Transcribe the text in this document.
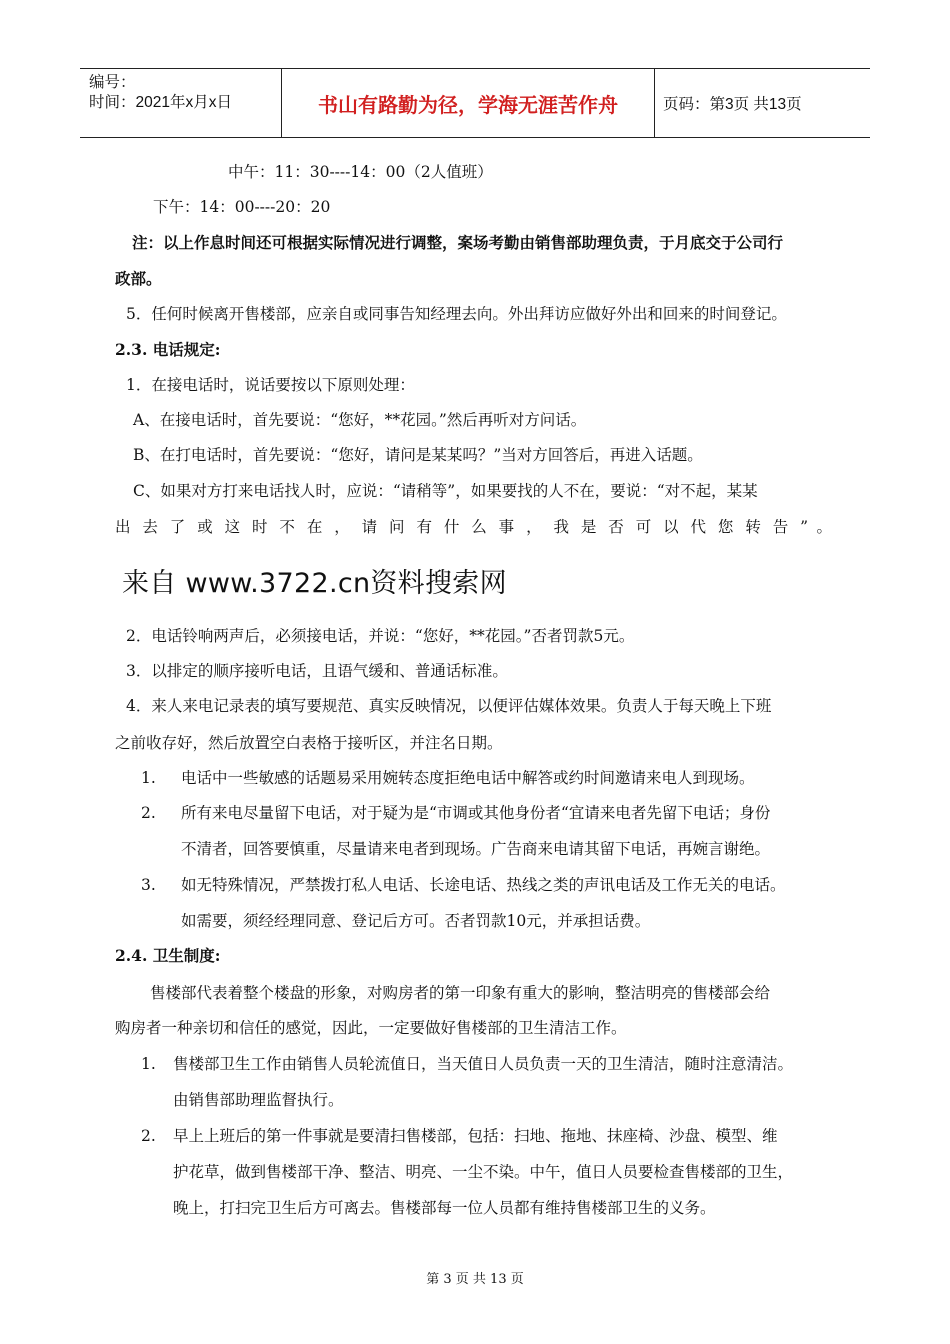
编号：
时间：2021年x月x日	书山有路勤为径，学海无涯苦作舟	页码：第3页 共13页
中午：11：30----14：00（2人值班）
下午：14：00----20：20
注：以上作息时间还可根据实际情况进行调整，案场考勤由销售部助理负责，于月底交于公司行
政部。
5．任何时候离开售楼部，应亲自或同事告知经理去向。外出拜访应做好外出和回来的时间登记。
2.3. 电话规定:
1．在接电话时，说话要按以下原则处理：
A、在接电话时，首先要说：“您好，**花园。”然后再听对方问话。
B、在打电话时，首先要说：“您好，请问是某某吗？”当对方回答后，再进入话题。
C、如果对方打来电话找人时，应说：“请稍等”，如果要找的人不在，要说：“对不起，某某
出 去 了 或 这 时 不 在 ， 请 问 有 什 么 事 ， 我 是 否 可 以 代 您 转 告 ” 。
来自 www.3722.cn资料搜索网
2．电话铃响两声后，必须接电话，并说：“您好，**花园。”否者罚款5元。
3．以排定的顺序接听电话，且语气缓和、普通话标准。
4．来人来电记录表的填写要规范、真实反映情况，以便评估媒体效果。负责人于每天晚上下班
之前收存好，然后放置空白表格于接听区，并注名日期。
1. 电话中一些敏感的话题易采用婉转态度拒绝电话中解答或约时间邀请来电人到现场。
2. 所有来电尽量留下电话，对于疑为是“市调或其他身份者“宜请来电者先留下电话；身份
不清者，回答要慎重，尽量请来电者到现场。广告商来电请其留下电话，再婉言谢绝。
3. 如无特殊情况，严禁拨打私人电话、长途电话、热线之类的声讯电话及工作无关的电话。
如需要，须经经理同意、登记后方可。否者罚款10元，并承担话费。
2.4. 卫生制度:
售楼部代表着整个楼盘的形象，对购房者的第一印象有重大的影响，整洁明亮的售楼部会给
购房者一种亲切和信任的感觉，因此，一定要做好售楼部的卫生清洁工作。
1. 售楼部卫生工作由销售人员轮流值日，当天值日人员负责一天的卫生清洁，随时注意清洁。
由销售部助理监督执行。
2. 早上上班后的第一件事就是要清扫售楼部，包括：扫地、拖地、抹座椅、沙盘、模型、维
护花草，做到售楼部干净、整洁、明亮、一尘不染。中午，值日人员要检查售楼部的卫生，
晚上，打扫完卫生后方可离去。售楼部每一位人员都有维持售楼部卫生的义务。
第 3 页 共 13 页
